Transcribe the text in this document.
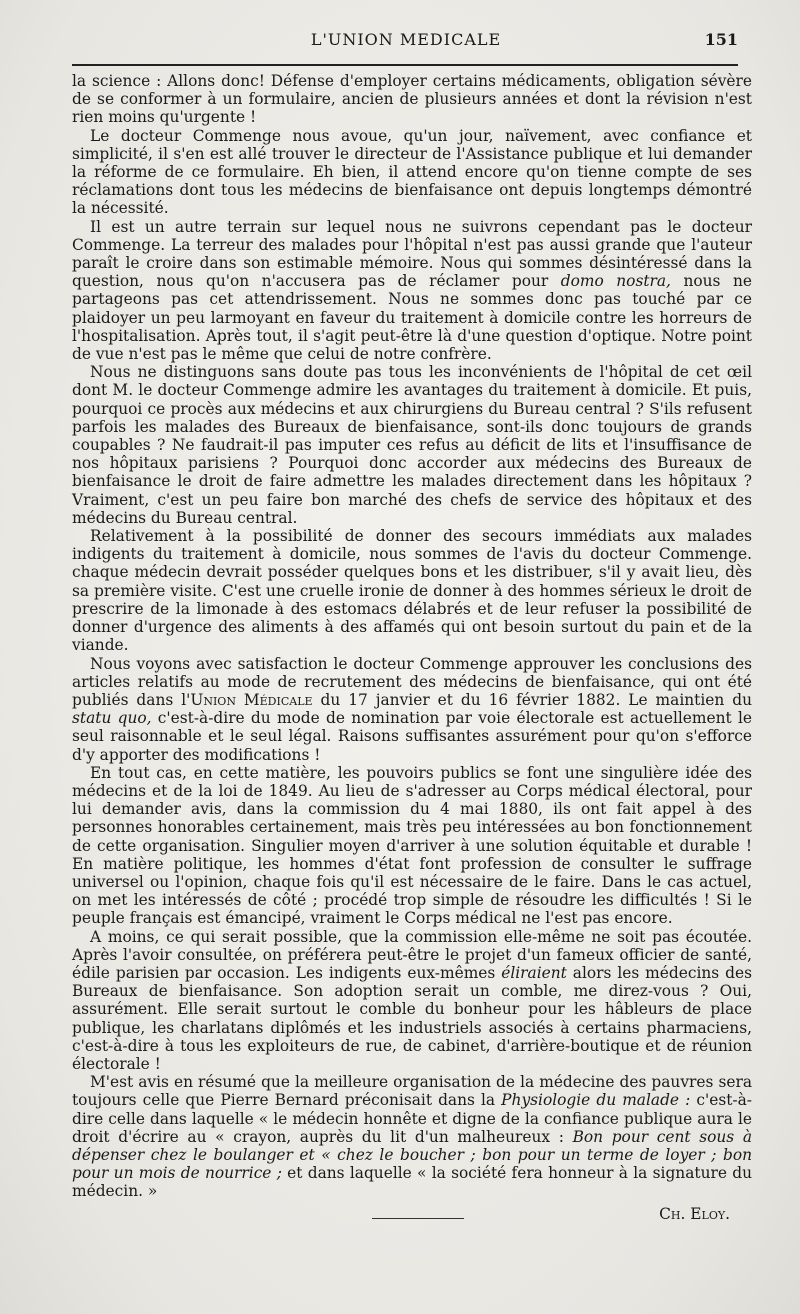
L'UNION MEDICALE	151

la science : Allons donc! Défense d'employer certains médicaments, obligation sévère de se conformer à un formulaire, ancien de plusieurs années et dont la révision n'est rien moins qu'urgente !

Le docteur Commenge nous avoue, qu'un jour, naïvement, avec confiance et simplicité, il s'en est allé trouver le directeur de l'Assistance publique et lui demander la réforme de ce formulaire. Eh bien, il attend encore qu'on tienne compte de ses réclamations dont tous les médecins de bienfaisance ont depuis longtemps démontré la nécessité.

Il est un autre terrain sur lequel nous ne suivrons cependant pas le docteur Commenge. La terreur des malades pour l'hôpital n'est pas aussi grande que l'auteur paraît le croire dans son estimable mémoire. Nous qui sommes désintéressé dans la question, nous qu'on n'accusera pas de réclamer pour domo nostra, nous ne partageons pas cet attendrissement. Nous ne sommes donc pas touché par ce plaidoyer un peu larmoyant en faveur du traitement à domicile contre les horreurs de l'hospitalisation. Après tout, il s'agit peut-être là d'une question d'optique. Notre point de vue n'est pas le même que celui de notre confrère.

Nous ne distinguons sans doute pas tous les inconvénients de l'hôpital de cet œil dont M. le docteur Commenge admire les avantages du traitement à domicile. Et puis, pourquoi ce procès aux médecins et aux chirurgiens du Bureau central ? S'ils refusent parfois les malades des Bureaux de bienfaisance, sont-ils donc toujours de grands coupables ? Ne faudrait-il pas imputer ces refus au déficit de lits et l'insuffisance de nos hôpitaux parisiens ? Pourquoi donc accorder aux médecins des Bureaux de bienfaisance le droit de faire admettre les malades directement dans les hôpitaux ? Vraiment, c'est un peu faire bon marché des chefs de service des hôpitaux et des médecins du Bureau central.

Relativement à la possibilité de donner des secours immédiats aux malades indigents du traitement à domicile, nous sommes de l'avis du docteur Commenge. chaque médecin devrait posséder quelques bons et les distribuer, s'il y avait lieu, dès sa première visite. C'est une cruelle ironie de donner à des hommes sérieux le droit de prescrire de la limonade à des estomacs délabrés et de leur refuser la possibilité de donner d'urgence des aliments à des affamés qui ont besoin surtout du pain et de la viande.

Nous voyons avec satisfaction le docteur Commenge approuver les conclusions des articles relatifs au mode de recrutement des médecins de bienfaisance, qui ont été publiés dans l'Union Médicale du 17 janvier et du 16 février 1882. Le maintien du statu quo, c'est-à-dire du mode de nomination par voie électorale est actuellement le seul raisonnable et le seul légal. Raisons suffisantes assurément pour qu'on s'efforce d'y apporter des modifications !

En tout cas, en cette matière, les pouvoirs publics se font une singulière idée des médecins et de la loi de 1849. Au lieu de s'adresser au Corps médical électoral, pour lui demander avis, dans la commission du 4 mai 1880, ils ont fait appel à des personnes honorables certainement, mais très peu intéressées au bon fonctionnement de cette organisation. Singulier moyen d'arriver à une solution équitable et durable ! En matière politique, les hommes d'état font profession de consulter le suffrage universel ou l'opinion, chaque fois qu'il est nécessaire de le faire. Dans le cas actuel, on met les intéressés de côté ; procédé trop simple de résoudre les difficultés ! Si le peuple français est émancipé, vraiment le Corps médical ne l'est pas encore.

A moins, ce qui serait possible, que la commission elle-même ne soit pas écoutée. Après l'avoir consultée, on préférera peut-être le projet d'un fameux officier de santé, édile parisien par occasion. Les indigents eux-mêmes éliraient alors les médecins des Bureaux de bienfaisance. Son adoption serait un comble, me direz-vous ? Oui, assurément. Elle serait surtout le comble du bonheur pour les hâbleurs de place publique, les charlatans diplômés et les industriels associés à certains pharmaciens, c'est-à-dire à tous les exploiteurs de rue, de cabinet, d'arrière-boutique et de réunion électorale !

M'est avis en résumé que la meilleure organisation de la médecine des pauvres sera toujours celle que Pierre Bernard préconisait dans la Physiologie du malade : c'est-à-dire celle dans laquelle « le médecin honnête et digne de la confiance publique aura le droit d'écrire au « crayon, auprès du lit d'un malheureux : Bon pour cent sous à dépenser chez le boulanger et « chez le boucher ; bon pour un terme de loyer ; bon pour un mois de nourrice ; et dans laquelle « la société fera honneur à la signature du médecin. »

Ch. Eloy.
